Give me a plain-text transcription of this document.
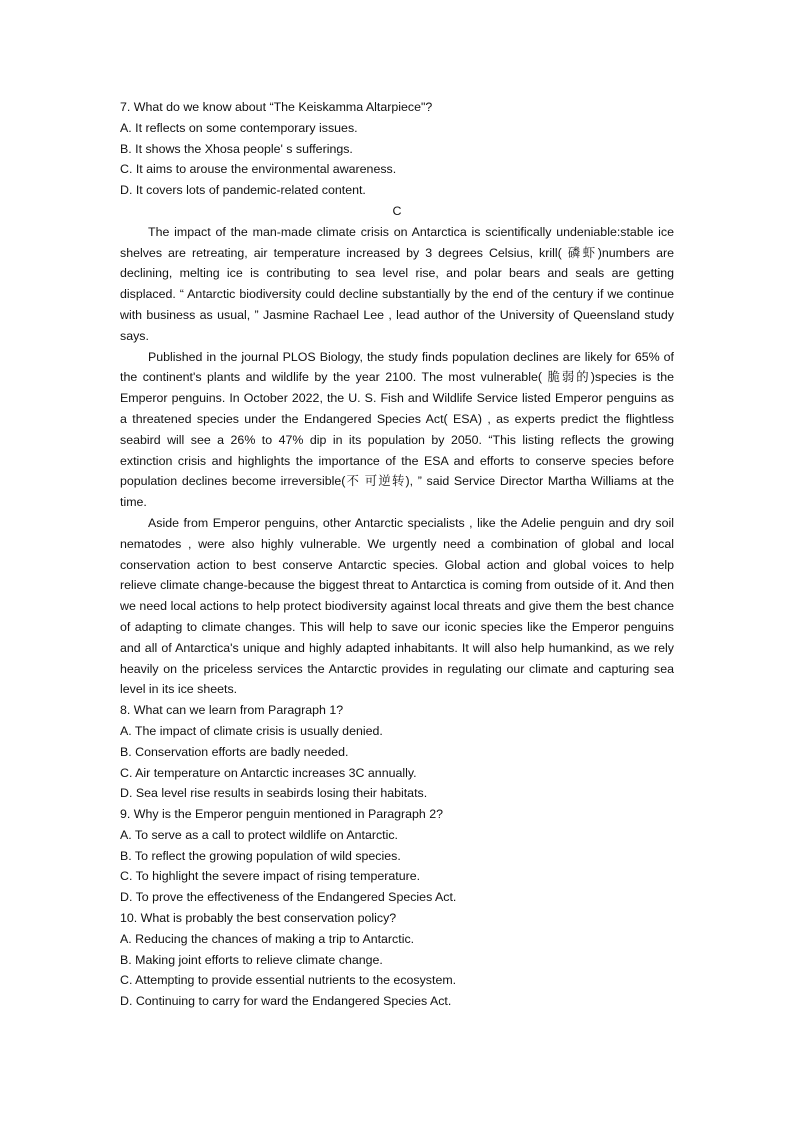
7. What do we know about “The Keiskamma Altarpiece"?

A. It reflects on some contemporary issues.

B. It shows the Xhosa people' s sufferings.

C. It aims to arouse the environmental awareness.

D. It covers lots of pandemic-related content.

C

The impact of the man-made climate crisis on Antarctica is scientifically undeniable:stable ice shelves are retreating, air temperature increased by 3 degrees Celsius, krill( 磷虾)numbers are declining, melting ice is contributing to sea level rise, and polar bears and seals are getting displaced. “ Antarctic biodiversity could decline substantially by the end of the century if we continue with business as usual, ” Jasmine Rachael Lee , lead author of the University of Queensland study says.

Published in the journal PLOS Biology, the study finds population declines are likely for 65% of the continent's plants and wildlife by the year 2100. The most vulnerable( 脆弱的)species is the Emperor penguins. In October 2022, the U. S. Fish and Wildlife Service listed Emperor penguins as a threatened species under the Endangered Species Act( ESA) , as experts predict the flightless seabird will see a 26% to 47% dip in its population by 2050. “This listing reflects the growing extinction crisis and highlights the importance of the ESA and efforts to conserve species before population declines become irreversible(不 可逆转), ” said Service Director Martha Williams at the time.

Aside from Emperor penguins, other Antarctic specialists , like the Adelie penguin and dry soil nematodes , were also highly vulnerable. We urgently need a combination of global and local conservation action to best conserve Antarctic species. Global action and global voices to help relieve climate change-because the biggest threat to Antarctica is coming from outside of it. And then we need local actions to help protect biodiversity against local threats and give them the best chance of adapting to climate changes. This will help to save our iconic species like the Emperor penguins and all of Antarctica's unique and highly adapted inhabitants. It will also help humankind, as we rely heavily on the priceless services the Antarctic provides in regulating our climate and capturing sea level in its ice sheets.

8. What can we learn from Paragraph 1?

A. The impact of climate crisis is usually denied.

B. Conservation efforts are badly needed.

C. Air temperature on Antarctic increases 3C annually.

D. Sea level rise results in seabirds losing their habitats.

9. Why is the Emperor penguin mentioned in Paragraph 2?

A. To serve as a call to protect wildlife on Antarctic.

B. To reflect the growing population of wild species.

C. To highlight the severe impact of rising temperature.

D. To prove the effectiveness of the Endangered Species Act.

10. What is probably the best conservation policy?

A. Reducing the chances of making a trip to Antarctic.

B. Making joint efforts to relieve climate change.

C. Attempting to provide essential nutrients to the ecosystem.

D. Continuing to carry for ward the Endangered Species Act.
